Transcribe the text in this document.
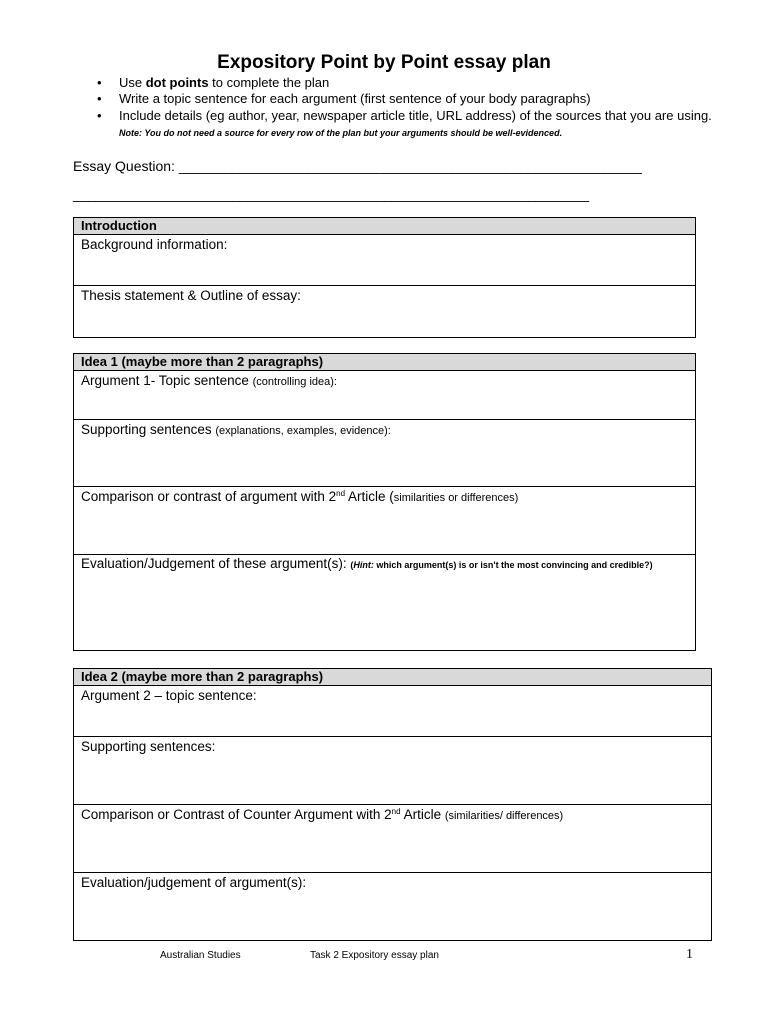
Expository Point by Point essay plan
• Use dot points to complete the plan
• Write a topic sentence for each argument (first sentence of your body paragraphs)
• Include details (eg author, year, newspaper article title, URL address) of the sources that you are using. Note: You do not need a source for every row of the plan but your arguments should be well-evidenced.
Essay Question: _____________________________________________________________
____________________________________________________________________
Introduction
Background information:
Thesis statement & Outline of essay:
Idea 1 (maybe more than 2 paragraphs)
Argument 1- Topic sentence (controlling idea):
Supporting sentences (explanations, examples, evidence):
Comparison or contrast of argument with 2nd Article (similarities or differences)
Evaluation/Judgement of these argument(s): (Hint: which argument(s) is or isn't the most convincing and credible?)
Idea 2 (maybe more than 2 paragraphs)
Argument 2 – topic sentence:
Supporting sentences:
Comparison or Contrast of Counter Argument with 2nd Article (similarities/ differences)
Evaluation/judgement of argument(s):
Australian Studies	Task 2 Expository essay plan	1
